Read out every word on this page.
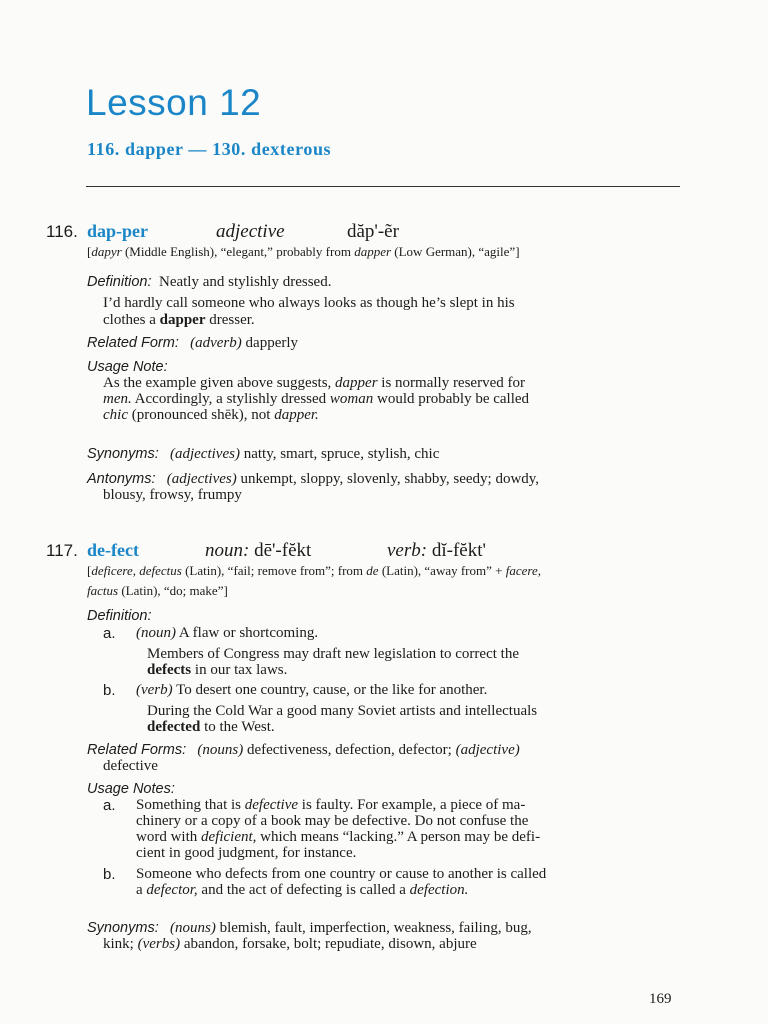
Lesson 12
116. dapper — 130. dexterous
116. dap-per	adjective	dăp'-ẽr
[dapyr (Middle English), “elegant,” probably from dapper (Low German), “agile”]
Definition: Neatly and stylishly dressed.
I’d hardly call someone who always looks as though he’s slept in his
clothes a dapper dresser.
Related Form: (adverb) dapperly
Usage Note:
As the example given above suggests, dapper is normally reserved for
men. Accordingly, a stylishly dressed woman would probably be called
chic (pronounced shēk), not dapper.
Synonyms: (adjectives) natty, smart, spruce, stylish, chic
Antonyms: (adjectives) unkempt, sloppy, slovenly, shabby, seedy; dowdy,
blousy, frowsy, frumpy
117. de-fect	noun: dē'-fĕkt	verb: dĭ-fĕkt'
[deficere, defectus (Latin), “fail; remove from”; from de (Latin), “away from” + facere,
factus (Latin), “do; make”]
Definition:
a. (noun) A flaw or shortcoming.
Members of Congress may draft new legislation to correct the
defects in our tax laws.
b. (verb) To desert one country, cause, or the like for another.
During the Cold War a good many Soviet artists and intellectuals
defected to the West.
Related Forms: (nouns) defectiveness, defection, defector; (adjective)
defective
Usage Notes:
a. Something that is defective is faulty. For example, a piece of ma-
chinery or a copy of a book may be defective. Do not confuse the
word with deficient, which means “lacking.” A person may be defi-
cient in good judgment, for instance.
b. Someone who defects from one country or cause to another is called
a defector, and the act of defecting is called a defection.
Synonyms: (nouns) blemish, fault, imperfection, weakness, failing, bug,
kink; (verbs) abandon, forsake, bolt; repudiate, disown, abjure
169
